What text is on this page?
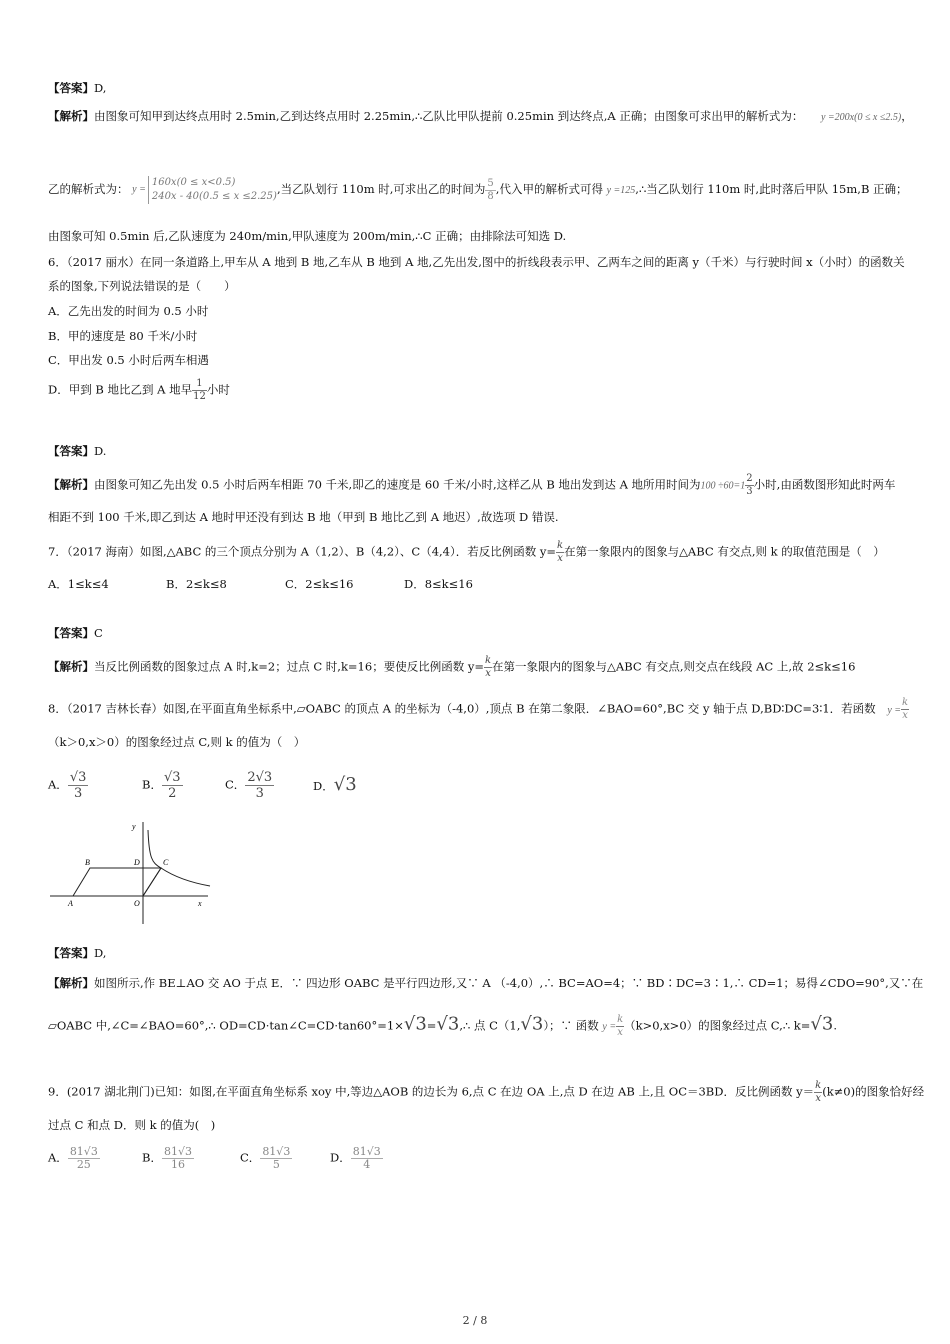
【答案】D,
【解析】由图象可知甲到达终点用时 2.5min,乙到达终点用时 2.25min,∴乙队比甲队提前 0.25min 到达终点,A 正确；由图象可求出甲的解析式为： y =200x(0 ≤ x ≤2.5)，
乙的解析式为： y =
160x(0 ≤ x<0.5)
240x - 40(0.5 ≤ x ≤2.25)
,当乙队划行 110m 时,可求出乙的时间为 $\frac{5}{8}$,代入甲的解析式可得 y =125,∴当乙队划行 110m 时,此时落后甲队 15m,B 正确；
由图象可知 0.5min 后,乙队速度为 240m/min,甲队速度为 200m/min,∴C 正确；由排除法可知选 D.
6．（2017 丽水）在同一条道路上,甲车从 A 地到 B 地,乙车从 B 地到 A 地,乙先出发,图中的折线段表示甲、乙两车之间的距离 y（千米）与行驶时间 x（小时）的函数关
系的图象,下列说法错误的是（　　）
A．乙先出发的时间为 0.5 小时
B．甲的速度是 80 千米/小时
C．甲出发 0.5 小时后两车相遇
D．甲到 B 地比乙到 A 地早 $\frac{1}{12}$ 小时
【答案】D.
【解析】由图象可知乙先出发 0.5 小时后两车相距 70 千米,即乙的速度是 60 千米/小时,这样乙从 B 地出发到达 A 地所用时间为$100 \div 60=1 \frac{2}{3}$ 小时,由函数图形知此时两车
相距不到 100 千米,即乙到达 A 地时甲还没有到达 B 地（甲到 B 地比乙到 A 地迟）,故选项 D 错误.
7．（2017 海南）如图,△ABC 的三个顶点分别为 A（1,2）、B（4,2）、C（4,4）．若反比例函数 $y= \frac{k}{x}$ 在第一象限内的图象与△ABC 有交点,则 k 的取值范围是（　）
A．1≤k≤4	B．2≤k≤8	C．2≤k≤16	D．8≤k≤16
【答案】C
【解析】当反比例函数的图象过点 A 时,k=2；过点 C 时,k=16；要使反比例函数 $y= \frac{k}{x}$ 在第一象限内的图象与△ABC 有交点,则交点在线段 AC 上,故 2≤k≤16
8．（2017 吉林长春）如图,在平面直角坐标系中,▱OABC 的顶点 A 的坐标为（-4,0）,顶点 B 在第二象限．∠BAO=60°,BC 交 y 轴于点 D,BD∶DC=3∶1．若函数 $y = \frac{k}{x}$
（k＞0,x＞0）的图象经过点 C,则 k 的值为（　）
A． $\frac{√3}{3}$	B． $\frac{√3}{2}$	C． $\frac{2√3}{3}$	D．√3
y
x
A
B	C
D
O
【答案】D,
【解析】如图所示,作 BE⊥AO 交 AO 于点 E．∵ 四边形 OABC 是平行四边形,又∵ A （-4,0）,∴ BC=AO=4；∵ BD∶DC=3∶1,∴ CD=1；易得∠CDO=90°,又∵在
▱OABC 中,∠C=∠BAO=60°,∴ OD=CD·tan∠C=CD·tan60°=1×√3=√3,∴ 点 C（1,√3）；∵ 函数 $y = \frac{k}{x} (k>0,x>0)$的图象经过点 C,∴ k=√3.
9．(2017 湖北荆门)已知：如图,在平面直角坐标系 xoy 中,等边△AOB 的边长为 6,点 C 在边 OA 上,点 D 在边 AB 上,且 OC＝3BD．反比例函数 $y= \frac{k}{x} (k\ne 0)$的图象恰好经
过点 C 和点 D．则 k 的值为(　)
A． $\frac{81√3}{25}$	B． $\frac{81√3}{16}$	C． $\frac{81√3}{5}$	D． $\frac{81√3}{4}$
2 / 8
